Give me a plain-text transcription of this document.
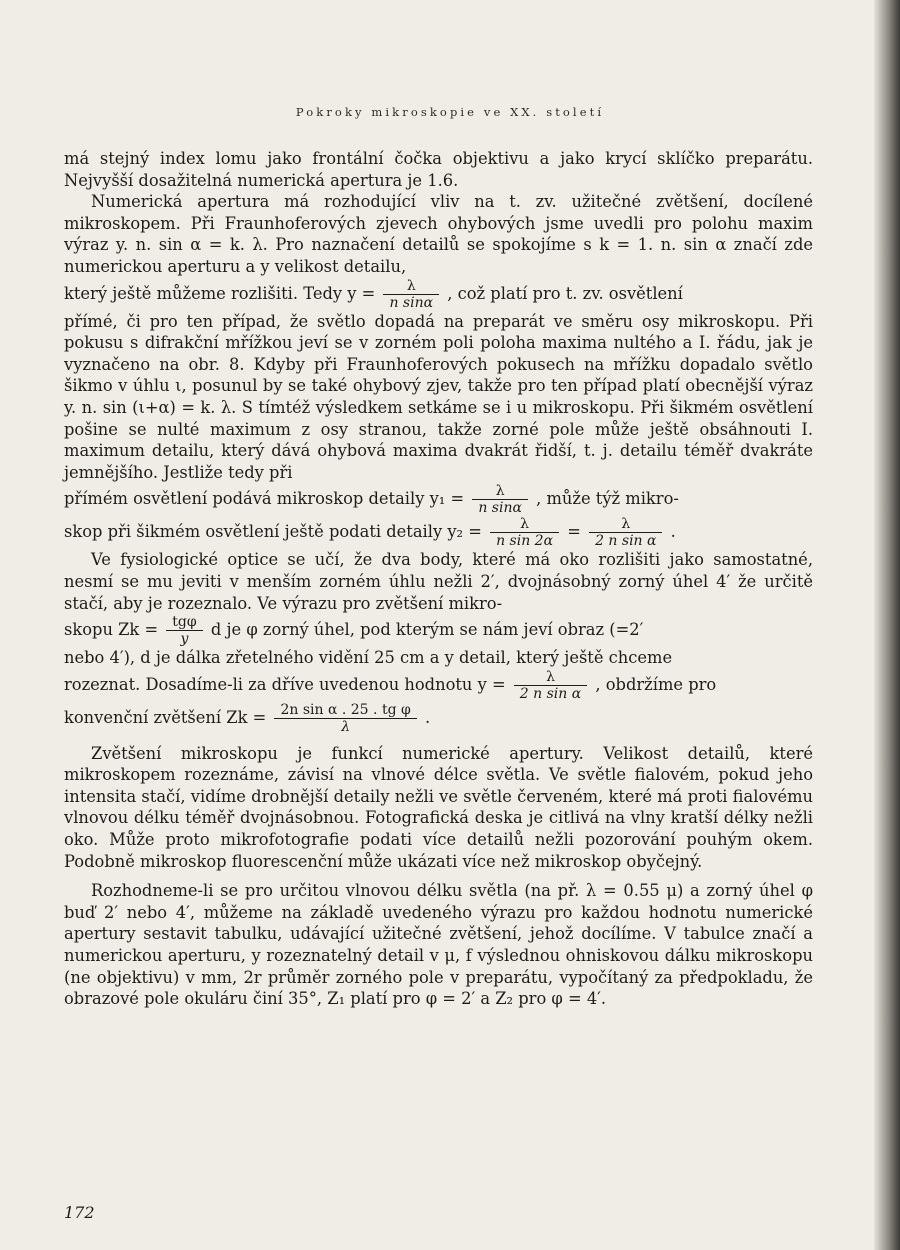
Pokroky mikroskopie ve XX. století

má stejný index lomu jako frontální čočka objektivu a jako krycí sklíčko preparátu. Nejvyšší dosažitelná numerická apertura je 1.6.

Numerická apertura má rozhodující vliv na t. zv. užitečné zvětšení, docílené mikroskopem. Při Fraunhoferových zjevech ohybových jsme uvedli pro polohu maxim výraz y. n. sin α = k. λ. Pro naznačení detailů se spokojíme s k = 1. n. sin α značí zde numerickou aperturu a y velikost detailu,

který ještě můžeme rozlišiti. Tedy $y = \frac{\lambda}{\text{n sinα}}$ , což platí pro t. zv. osvětlení

přímé, či pro ten případ, že světlo dopadá na preparát ve směru osy mikroskopu. Při pokusu s difrakční mřížkou jeví se v zorném poli poloha maxima nultého a I. řádu, jak je vyznačeno na obr. 8. Kdyby při Fraunhoferových pokusech na mřížku dopadalo světlo šikmo v úhlu ι, posunul by se také ohybový zjev, takže pro ten případ platí obecnější výraz y. n. sin (ι+α) = k. λ. S tímtéž výsledkem setkáme se i u mikroskopu. Při šikmém osvětlení pošine se nulté maximum z osy stranou, takže zorné pole může ještě obsáhnouti I. maximum detailu, který dává ohybová maxima dvakrát řidší, t. j. detailu téměř dvakráte jemnějšího. Jestliže tedy při

přímém osvětlení podává mikroskop detaily $y_1 = \frac{\lambda}{\text{n sinα}}$ , může týž mikro-

skop při šikmém osvětlení ještě podati detaily $y_2 = \frac{\lambda}{\text{n sin 2α}} = \frac{\lambda}{\text{2 n sin α}}$ .

Ve fysiologické optice se učí, že dva body, které má oko rozlišiti jako samostatné, nesmí se mu jeviti v menším zorném úhlu nežli 2′, dvojnásobný zorný úhel 4′ že určitě stačí, aby je rozeznalo. Ve výrazu pro zvětšení mikro-

skopu $Zk = \frac{\text{tgφ}}{y}$ d je φ zorný úhel, pod kterým se nám jeví obraz (=2′

nebo 4′), d je dálka zřetelného vidění 25 cm a y detail, který ještě chceme

rozeznat. Dosadíme-li za dříve uvedenou hodnotu $y = \frac{\lambda}{\text{2 n sin α}}$ , obdržíme pro

konvenční zvětšení $Zk = \frac{\text{2n sin α . 25 . tg φ}}{\lambda}$ .

Zvětšení mikroskopu je funkcí numerické apertury. Velikost detailů, které mikroskopem rozeznáme, závisí na vlnové délce světla. Ve světle fialovém, pokud jeho intensita stačí, vidíme drobnější detaily nežli ve světle červeném, které má proti fialovému vlnovou délku téměř dvojnásobnou. Fotografická deska je citlivá na vlny kratší délky nežli oko. Může proto mikrofotografie podati více detailů nežli pozorování pouhým okem. Podobně mikroskop fluorescenční může ukázati více než mikroskop obyčejný.

Rozhodneme-li se pro určitou vlnovou délku světla (na př. λ = 0.55 μ) a zorný úhel φ buď 2′ nebo 4′, můžeme na základě uvedeného výrazu pro každou hodnotu numerické apertury sestavit tabulku, udávající užitečné zvětšení, jehož docílíme. V tabulce značí a numerickou aperturu, y rozeznatelný detail v μ, f výslednou ohniskovou dálku mikroskopu (ne objektivu) v mm, 2r průměr zorného pole v preparátu, vypočítaný za předpokladu, že obrazové pole okuláru činí 35°, Z₁ platí pro φ = 2′ a Z₂ pro φ = 4′.

172
